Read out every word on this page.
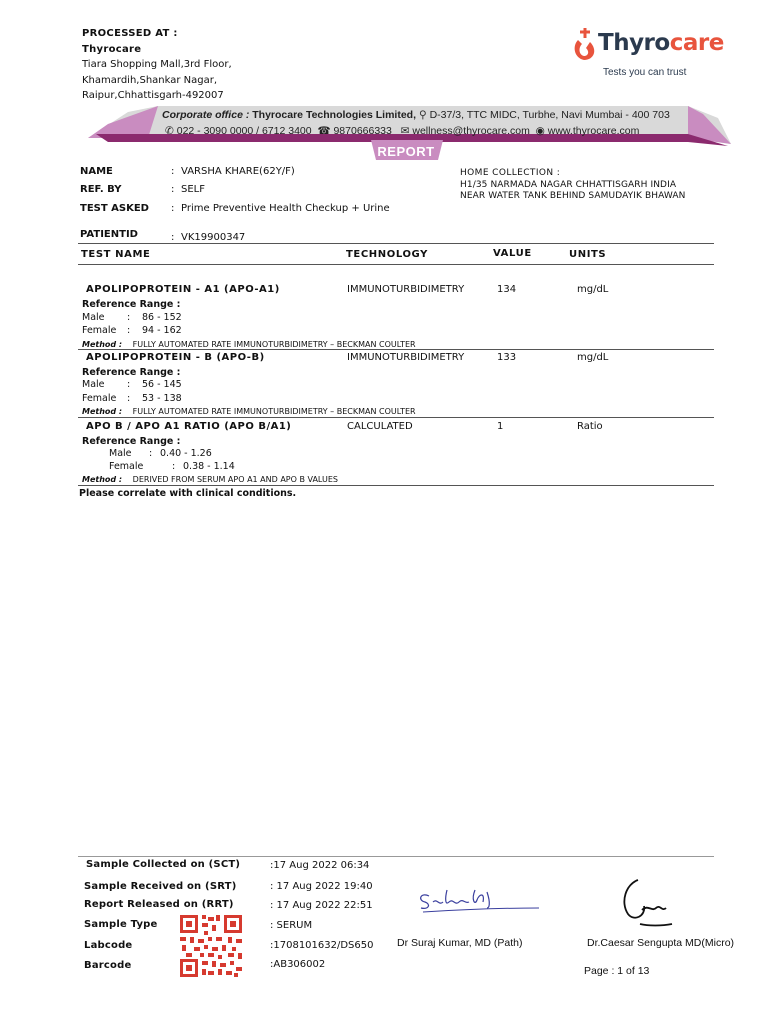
PROCESSED AT :
Thyrocare
Tiara Shopping Mall,3rd Floor,
Khamardih,Shankar Nagar,
Raipur,Chhattisgarh-492007
Thyrocare
Tests you can trust
Corporate office : Thyrocare Technologies Limited, ⚲ D-37/3, TTC MIDC, Turbhe, Navi Mumbai - 400 703
✆ 022 - 3090 0000 / 6712 3400 ☎ 9870666333 ✉ wellness@thyrocare.com ◉ www.thyrocare.com
REPORT
NAME	: VARSHA KHARE(62Y/F)
REF. BY	: SELF
TEST ASKED : Prime Preventive Health Checkup + Urine
PATIENTID	: VK19900347
HOME COLLECTION :
H1/35 NARMADA NAGAR CHHATTISGARH INDIA
NEAR WATER TANK BEHIND SAMUDAYIK BHAWAN
TEST NAME	TECHNOLOGY	VALUE	UNITS
APOLIPOPROTEIN - A1 (APO-A1)	IMMUNOTURBIDIMETRY	134	mg/dL
Reference Range :
Male : 86 - 152
Female : 94 - 162
Method : FULLY AUTOMATED RATE IMMUNOTURBIDIMETRY – BECKMAN COULTER
APOLIPOPROTEIN - B (APO-B)	IMMUNOTURBIDIMETRY	133	mg/dL
Reference Range :
Male : 56 - 145
Female : 53 - 138
Method : FULLY AUTOMATED RATE IMMUNOTURBIDIMETRY – BECKMAN COULTER
APO B / APO A1 RATIO (APO B/A1)	CALCULATED	1	Ratio
Reference Range :
Male : 0.40 - 1.26
Female	: 0.38 - 1.14
Method : DERIVED FROM SERUM APO A1 AND APO B VALUES
Please correlate with clinical conditions.
Sample Collected on (SCT)	:17 Aug 2022 06:34
Sample Received on (SRT)	: 17 Aug 2022 19:40
Report Released on (RRT)	: 17 Aug 2022 22:51
Sample Type	: SERUM
Labcode	:1708101632/DS650
Barcode	:AB306002
Dr Suraj Kumar, MD (Path)	Dr.Caesar Sengupta MD(Micro)
Page : 1 of 13
